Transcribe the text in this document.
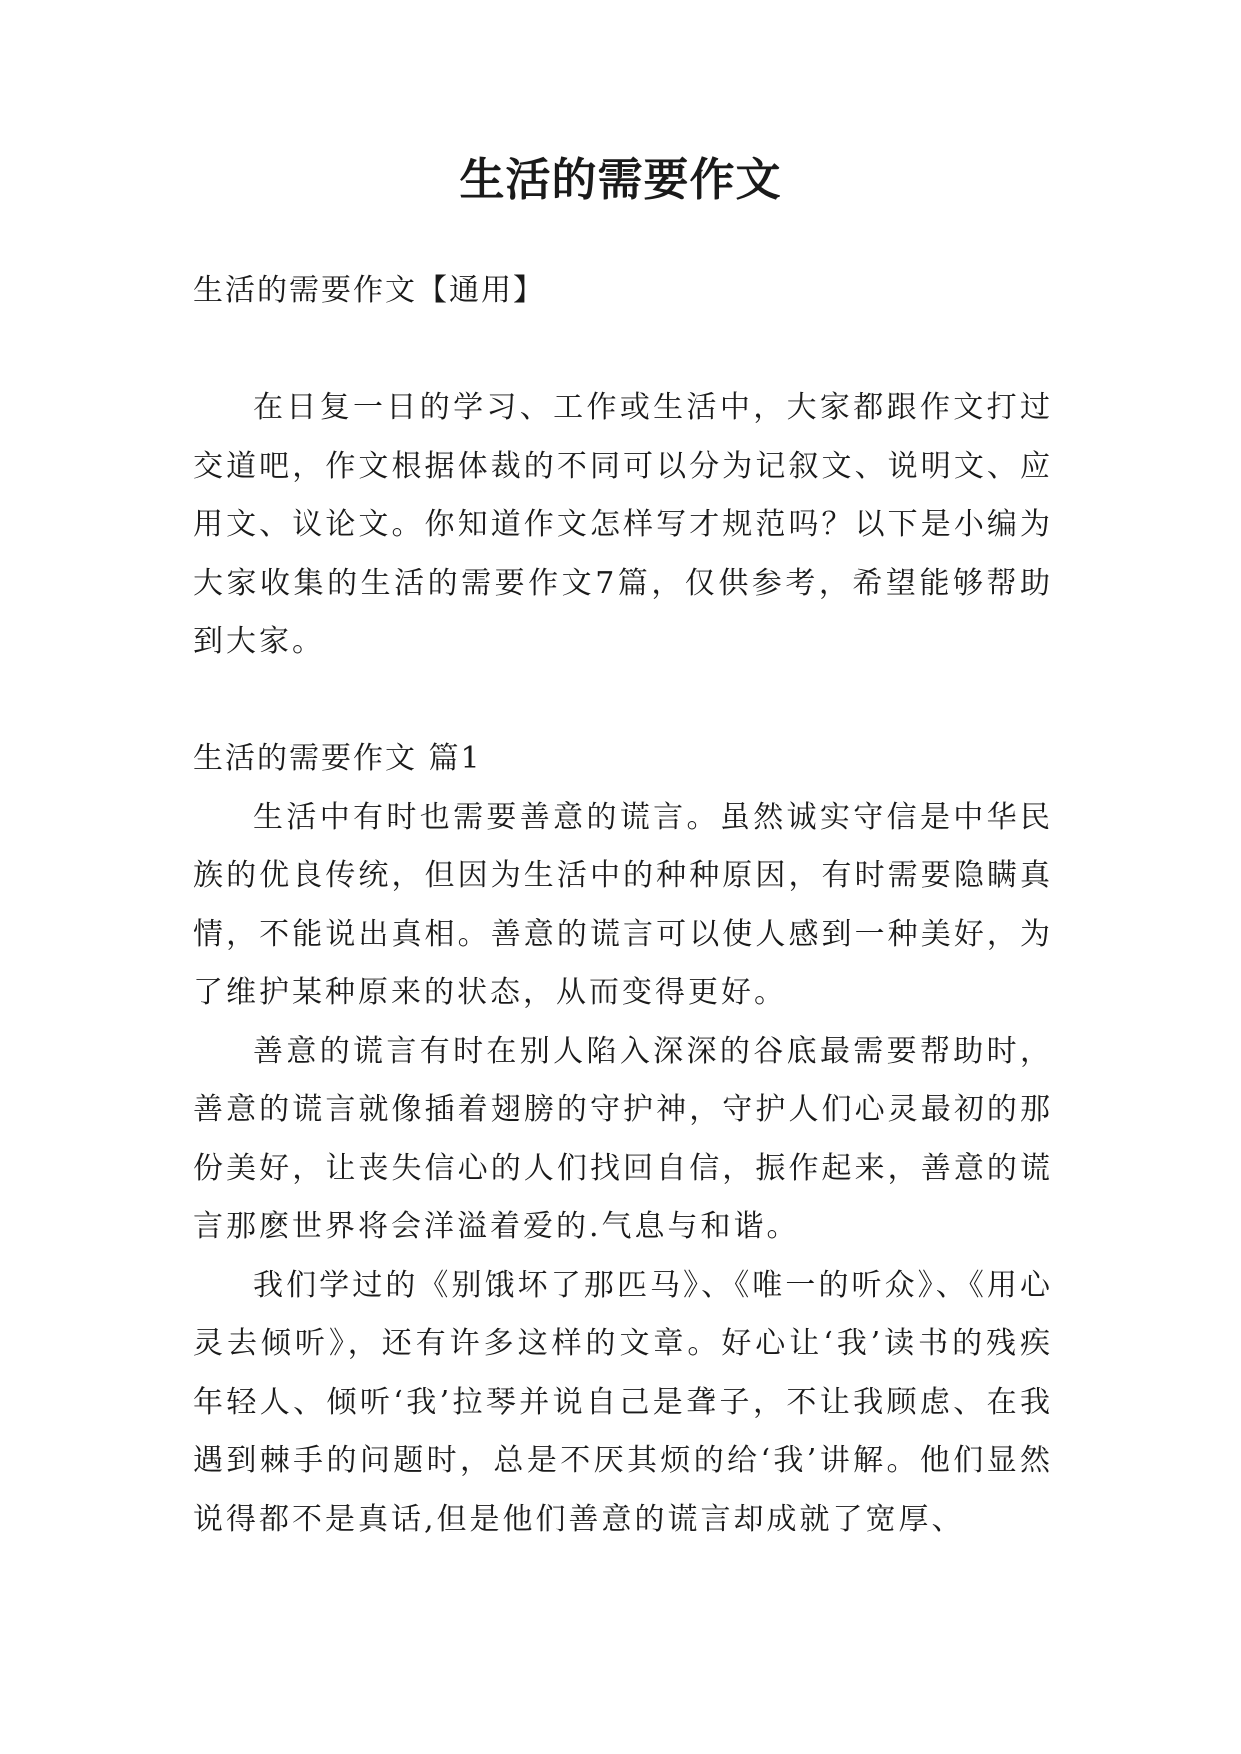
生活的需要作文

生活的需要作文【通用】

在日复一日的学习、工作或生活中，大家都跟作文打过交道吧，作文根据体裁的不同可以分为记叙文、说明文、应用文、议论文。你知道作文怎样写才规范吗？以下是小编为大家收集的生活的需要作文7篇，仅供参考，希望能够帮助到大家。

生活的需要作文 篇1

生活中有时也需要善意的谎言。虽然诚实守信是中华民族的优良传统，但因为生活中的种种原因，有时需要隐瞒真情，不能说出真相。善意的谎言可以使人感到一种美好，为了维护某种原来的状态，从而变得更好。

善意的谎言有时在别人陷入深深的谷底最需要帮助时，善意的谎言就像插着翅膀的守护神，守护人们心灵最初的那份美好，让丧失信心的人们找回自信，振作起来，善意的谎言那麽世界将会洋溢着爱的.气息与和谐。

我们学过的《别饿坏了那匹马》、《唯一的听众》、《用心灵去倾听》，还有许多这样的文章。好心让‘我’读书的残疾年轻人、倾听‘我’拉琴并说自己是聋子，不让我顾虑、在我遇到棘手的问题时，总是不厌其烦的给‘我’讲解。他们显然说得都不是真话,但是他们善意的谎言却成就了宽厚、
